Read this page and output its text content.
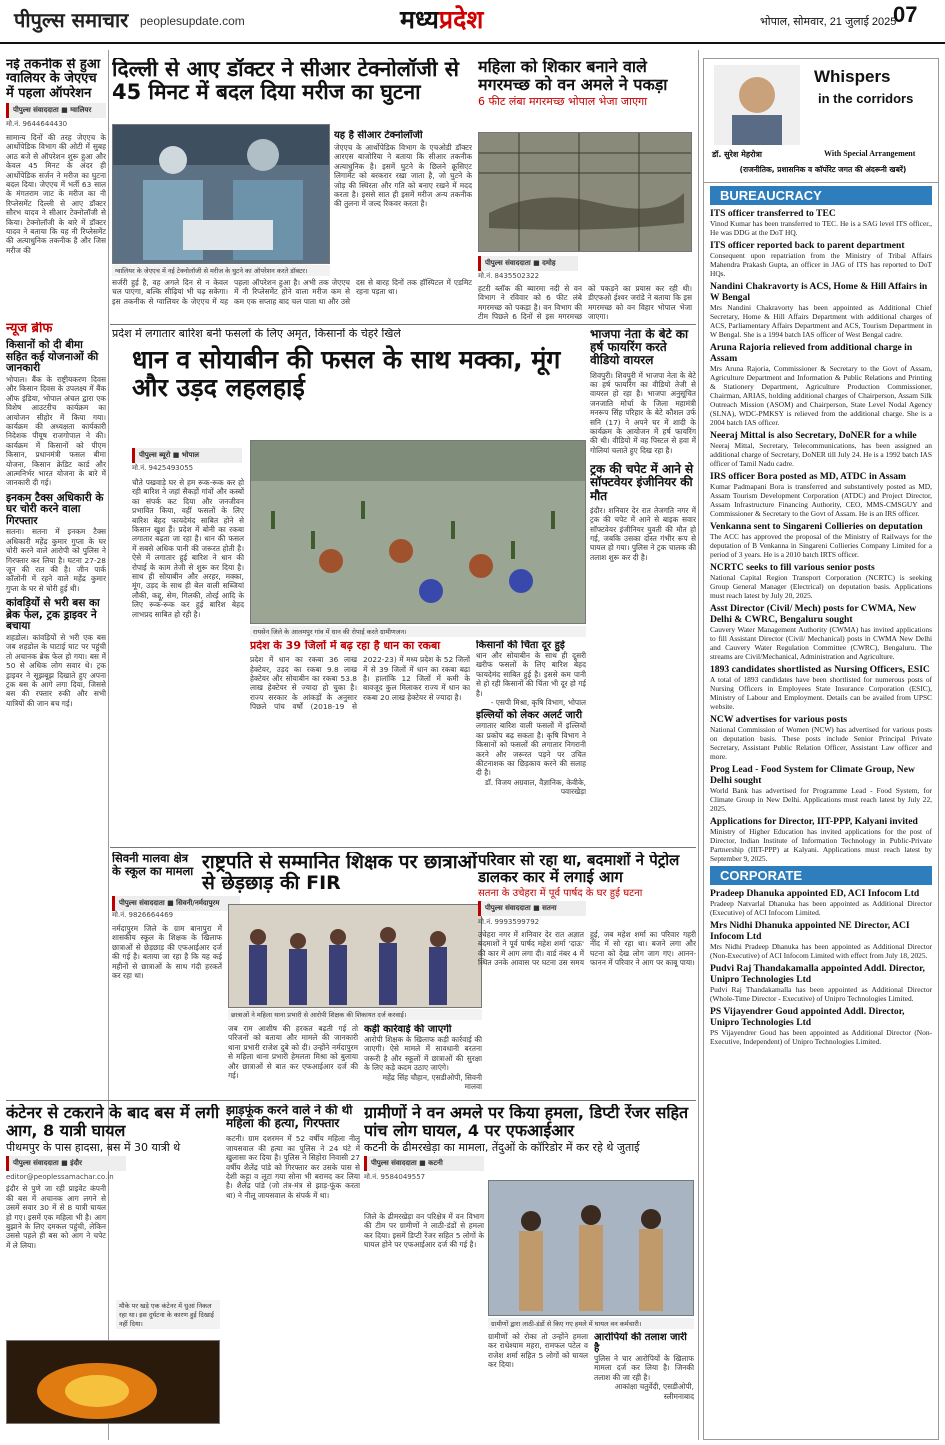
पीपुल्स समाचार peoplesupdate.com	मध्यप्रदेश	भोपाल, सोमवार, 21 जुलाई 2025
07
नई तकनीक से हुआ ग्वालियर के जेएएच में पहला ऑपरेशन
पीपुल्स संवाददाता ■ ग्वालियर
मो.नं. 9644644430
सामान्य दिनों की तरह जेएएच के आर्थोपेडिक विभाग की ओटी में सुबह आठ बजे से ऑपरेशन शुरू हुआ और केवल 45 मिनट के अंदर ही आर्थोपेडिक सर्जन ने मरीज का घुटना बदल दिया। जेएएच में भर्ती 63 साल के मंगतराम जाट के मरीज का नी रिप्लेसमेंट दिल्ली से आए डॉक्टर सौरभ यादव ने सीआर टेक्नोलॉजी से किया। टेक्नोलॉजी के बारे में डॉक्टर यादव ने बताया कि यह नी रिप्लेसमेंट की अत्याधुनिक तकनीक है और जिस मरीज की
दिल्ली से आए डॉक्टर ने सीआर टेक्नोलॉजी से 45 मिनट में बदल दिया मरीज का घुटना
ग्वालियर के जेएएच में नई टेक्नोलॉजी से मरीज के घुटने का ऑपरेशन करते डॉक्टर।
यह है सीआर टेक्नोलॉजी
जेएएच के आर्थोपेडिक विभाग के एचओडी डॉक्टर आरएस बाजोरिया ने बताया कि सीआर तकनीक अत्याधुनिक है। इसमें घुटने के छिलने क्रूसिएट लिगामेंट को बरकरार रखा जाता है, जो घुटने के जोड़ की स्थिरता और गति को बनाए रखने में मदद करता है। इससे सात ही इसमें मरीज अन्य तकनीक की तुलना में जल्द रिकवर करता है।
सर्जरी हुई है, वह अगले दिन से न केवल चल पाएगा, बल्कि सीढ़ियां भी चढ़ सकेगा। इस तकनीक से ग्वालियर के जेएएच में यह पहला ऑपरेशन हुआ है। अभी तक जेएएच में नी रिप्लेसमेंट होने वाला मरीज कम से कम एक सप्ताह बाद चल पाता था और उसे दस से बारह दिनों तक हॉस्पिटल में एडमिट रहना पड़ता था।
महिला को शिकार बनाने वाले मगरमच्छ को वन अमले ने पकड़ा
6 फीट लंबा मगरमच्छ भोपाल भेजा जाएगा
पीपुल्स संवाददाता ■ दमोह
मो.नं. 8435502322
हटरी ब्लॉक की ब्यारमा नदी से वन विभाग ने रविवार को 6 फीट लंबे मगरमच्छ को पकड़ा है। वन विभाग की टीम पिछले 6 दिनों से इस मगरमच्छ को पकड़ने का प्रयास कर रही थी। डीएफओ ईश्वर जरांडे ने बताया कि इस मगरमच्छ को वन विहार भोपाल भेजा जाएगा।
न्यूज ब्रीफ
किसानों को दी बीमा सहित कई योजनाओं की जानकारी
भोपाल। बैंक के राष्ट्रीयकरण दिवस और किसान दिवस के उपलक्ष्य में बैंक ऑफ इंडिया, भोपाल अंचल द्वारा एक विशेष आउटरीच कार्यक्रम का आयोजन सीहोर में किया गया। कार्यक्रम की अध्यक्षता कार्यकारी निदेशक पीयूष राजगोपाल ने की। कार्यक्रम में किसानों को पीएम किसान, प्रधानमंत्री फसल बीमा योजना, किसान क्रेडिट कार्ड और आत्मनिर्भर भारत योजना के बारे में जानकारी दी गई।
इनकम टैक्स अधिकारी के घर चोरी करने वाला गिरफ्तार
सतना। सतना में इनकम टैक्स अधिकारी महेंद्र कुमार गुप्ता के घर चोरी करने वाले आरोपी को पुलिस ने गिरफ्तार कर लिया है। घटना 27-28 जून की रात की है। जीन पार्क कॉलोनी में रहने वाले महेंद्र कुमार गुप्ता के घर से चोरी हुई थी।
कांवड़ियों से भरी बस का ब्रेक फेल, ट्रक ड्राइवर ने बचाया
शहडोल। कांवड़ियों से भरी एक बस जब शहडोल के घाटाई घाट पर पहुंची तो अचानक ब्रेक फेल हो गया। बस में 50 से अधिक लोग सवार थे। ट्रक ड्राइवर ने सूझबूझ दिखाते हुए अपना ट्रक बस के आगे लगा दिया, जिससे बस की रफ्तार रुकी और सभी यात्रियों की जान बच गई।
प्रदेश में लगातार बारिश बनी फसलों के लिए अमृत, किसानों के चेहरे खिले
धान व सोयाबीन की फसल के साथ मक्का, मूंग और उड़द लहलहाई
पीपुल्स ब्यूरो ■ भोपाल
मो.नं. 9425493055
चौते पखवाड़े घर से हम रूक-रूक कर हो रही बारिश ने जहां सैकड़ों गांवों और कस्बों का संपर्क कट दिया और जनजीवन प्रभावित किया, वहीं फसलों के लिए बारिश बेहद फायदेमंद साबित होने से किसान खुश हैं। प्रदेश में बोनी का रकबा लगातार बढ़ता जा रहा है। धान की फसल में सबसे अधिक पानी की जरूरत होती है। ऐसे में लगातार हुई बारिश ने धान की रोपाई के काम तेजी से शुरू कर दिया है। साथ ही सोयाबीन और अरहर, मक्का, मूंग, उड़द के साथ ही बेल वाली सब्जियां लौकी, कद्दू, सेम, गिलकी, तोरई आदि के लिए रूक-रूक कर हुई बारिश बेहद लाभप्रद साबित हो रही है।
रायसेन जिले के आलमपुर गांव में धान की रोपाई करते ग्रामीणजन।
प्रदेश के 39 जिलों में बढ़ रहा है धान का रकबा
प्रदेश में धान का रकबा 36 लाख हेक्टेयर, उड़द का रकबा 9.8 लाख हेक्टेयर और सोयाबीन का रकबा 53.8 लाख हेक्टेयर से ज्यादा हो चुका है। राज्य सरकार के आंकड़ों के अनुसार पिछले पांच वर्षों (2018-19 से 2022-23) में मध्य प्रदेश के 52 जिलों में से 39 जिलों में धान का रकबा बढ़ा है। हालांकि 12 जिलों में कमी के बावजूद कुल मिलाकर राज्य में धान का रकबा 20 लाख हेक्टेयर से ज्यादा है।
किसानों की चिंता दूर हुई
धान और सोयाबीन के साथ ही दूसरी खरीफ फसलों के लिए बारिश बेहद फायदेमंद साबित हुई है। इससे कम पानी से हो रही किसानों की चिंता भी दूर हो गई है।
- एसपी मिश्रा, कृषि विभाग, भोपाल
इल्लियों को लेकर अलर्ट जारी
लगातार बारिश वाली फसलों में इल्लियों का प्रकोप बढ़ सकता है। कृषि विभाग ने किसानों को फसलों की लगातार निगरानी करने और जरूरत पड़ने पर उचित कीटनाशक का छिड़काव करने की सलाह दी है।
डॉ. विजय अग्रवाल, वैज्ञानिक, केवीके, पवारखेड़ा
भाजपा नेता के बेटे का हर्ष फायरिंग करते वीडियो वायरल
शिवपुरी। शिवपुरी में भाजपा नेता के बेटे का हर्ष फायरिंग का वीडियो तेजी से वायरल हो रहा है। भाजपा अनुसूचित जनजाति मोर्चा के जिला महामंत्री मनरूप सिंह परिहार के बेटे कौशल उर्फ सनि (17) ने अपने घर में शादी के कार्यक्रम के आयोजन में हर्ष फायरिंग की थी। वीडियो में वह पिस्टल से हवा में गोलियां चलाते हुए दिख रहा है।
ट्रक की चपेट में आने से सॉफ्टवेयर इंजीनियर की मौत
इंदौर। शनिवार देर रात तेजगति नगर में ट्रक की चपेट में आने से बाइक सवार सॉफ्टवेयर इंजीनियर युवती की मौत हो गई, जबकि उसका दोस्त गंभीर रूप से घायल हो गया। पुलिस ने ट्रक चालक की तलाश शुरू कर दी है।
सिवनी मालवा क्षेत्र के स्कूल का मामला राष्ट्रपति से सम्मानित शिक्षक पर छात्राओं से छेड़छाड़ की FIR
पीपुल्स संवाददाता ■ सिवनी/नर्मदापुरम
मो.नं. 9826664469
नर्मदापुरम जिले के ग्राम बानापुरा में शासकीय स्कूल के शिक्षक के खिलाफ छात्राओं से छेड़छाड़ की एफआईआर दर्ज की गई है। बताया जा रहा है कि यह कई महीनों से छात्राओं के साथ गंदी हरकतें कर रहा था।
छात्राओं ने महिला थाना प्रभारी से आरोपी शिक्षक की शिकायत दर्ज करवाई।
जब राम आशीष की हरकत बढ़ती गई तो परिजनों को बताया और मामले की जानकारी थाना प्रभारी राजेश दुबे को दी। उन्होंने नर्मदापुरम से महिला थाना प्रभारी हेमलता मिश्रा को बुलाया और छात्राओं से बात कर एफआईआर दर्ज की गई।
कड़ी कार्रवाई की जाएगी
आरोपी शिक्षक के खिलाफ कड़ी कार्रवाई की जाएगी। ऐसे मामले में सावधानी बरतना जरूरी है और स्कूलों में छात्राओं की सुरक्षा के लिए कड़े कदम उठाए जाएंगे।
महेंद्र सिंह चौहान, एसडीओपी, सिवनी मालवा
परिवार सो रहा था, बदमाशों ने पेट्रोल डालकर कार में लगाई आग
सतना के उचेहरा में पूर्व पार्षद के घर हुई घटना
पीपुल्स संवाददाता ■ सतना
मो.नं. 9993599792
उचेहरा नगर में शनिवार देर रात अज्ञात बदमाशों ने पूर्व पार्षद महेश शर्मा 'दाऊ' की कार में आग लगा दी। वार्ड नंबर 4 में स्थित उनके आवास पर घटना उस समय हुई, जब महेश शर्मा का परिवार गहरी नींद में सो रहा था। बजने लगा और घटना को देख लोग जाग गए। आनन-फानन में परिवार ने आग पर काबू पाया।
कंटेनर से टकराने के बाद बस में लगी आग, 8 यात्री घायल
पीथमपुर के पास हादसा, बस में 30 यात्री थे
पीपुल्स संवाददाता ■ इंदौर
editor@peoplessamachar.co.in
इंदौर से पुणे जा रही प्राइवेट कंपनी की बस में अचानक आग लगने से उसमें सवार 30 में से 8 यात्री घायल हो गए। इसमें एक महिला भी है। आग बुझाने के लिए दमकल पहुंची, लेकिन उससे पहले ही बस को आग ने चपेट में ले लिया।
मौके पर खड़े एक कंटेनर में धुआं निकल रहा था। इस दुर्घटना के कारण हुई दिखाई नहीं दिया।
झाड़फूंक करने वाले ने की थी महिला की हत्या, गिरफ्तार
कटनी। ग्राम दशरमन में 52 वर्षीय महिला नीलू जायसवाल की हत्या का पुलिस ने 24 घंटे में खुलासा कर दिया है। पुलिस ने सिहोरा निवासी 27 वर्षीय शैलेंद्र पांडे को गिरफ्तार कर उसके पास से देशी कट्टा व लूटा गया सोना भी बरामद कर लिया है। शैलेंद्र पांडे (जो तंत्र-मंत्र से झाड़-फूंक करता था) ने नीलू जायसवाल के संपर्क में था।
ग्रामीणों ने वन अमले पर किया हमला, डिप्टी रेंजर सहित पांच लोग घायल, 4 पर एफआईआर
कटनी के ढीमरखेड़ा का मामला, तेंदुओं के कॉरिडोर में कर रहे थे जुताई
पीपुल्स संवाददाता ■ कटनी
मो.नं. 9584049557
जिले के ढीमरखेड़ा वन परिक्षेत्र में वन विभाग की टीम पर ग्रामीणों ने लाठी-डंडों से हमला कर दिया। इसमें डिप्टी रेंजर सहित 5 लोगों के घायल होने पर एफआईआर दर्ज की गई है।
ग्रामीणों द्वारा लाठी-डंडों से किए गए हमले में घायल वन कर्मचारी।
ग्रामीणों को रोका तो उन्होंने हमला कर राधेश्याम महरा, रामफल पटेल व राजेश शर्मा सहित 5 लोगों को घायल कर दिया।
आरोपियों की तलाश जारी है
पुलिस ने चार आरोपियों के खिलाफ मामला दर्ज कर लिया है। जिनकी तलाश की जा रही है।
आकांक्षा चतुर्वेदी, एसडीओपी, स्लीमनाबाद
Whispers
in the corridors
डॉ. सुरेश मेहरोत्रा	With Special Arrangement
(राजनीतिक, प्रशासनिक व कॉर्पोरेट जगत की अंदरूनी खबरें)
BUREAUCRACY
ITS officer transferred to TEC
Vinod Kumar has been transferred to TEC. He is a SAG level ITS officer., He was DDG at the DoT HQ.
ITS officer reported back to parent department
Consequent upon repatriation from the Ministry of Tribal Affairs Mahendra Prakash Gupta, an officer in JAG of ITS has reported to DoT HQs.
Nandini Chakravorty is ACS, Home & Hill Affairs in W Bengal
Mrs Nandini Chakravorty has been appointed as Additional Chief Secretary, Home & Hill Affairs Department with additional charges of ACS, Parliamentary Affairs Department and ACS, Tourism Department in W Bengal. She is a 1994 batch IAS officer of West Bengal cadre.
Aruna Rajoria relieved from additional charge in Assam
Mrs Aruna Rajoria, Commissioner & Secretary to the Govt of Assam, Agriculture Department and Information & Public Relations and Printing & Stationery Department, Agriculture Production Commissioner, Chairman, ARIAS, holding additional charges of Chairperson, Assam Silk Outreach Mission (ASOM) and Chairperson, State Level Nodal Agency (SLNA), WDC-PMKSY is relieved from the additional charge. She is a 2004 batch IAS officer.
Neeraj Mittal is also Secretary, DoNER for a while
Neeraj Mittal, Secretary, Telecommunications, has been assigned an additional charge of Secretary, DoNER till July 24. He is a 1992 batch IAS officer of Tamil Nadu cadre.
IRS officer Bora posted as MD, ATDC in Assam
Kumar Padmapani Bora is transferred and substantively posted as MD, Assam Tourism Development Corporation (ATDC) and Project Director, Assam Infrastructure Financing Authority, CEO, MMS-CMSGUY and Commissioner & Secretary to the Govt of Assam. He is an IRS officer.
Venkanna sent to Singareni Collieries on deputation
The ACC has approved the proposal of the Ministry of Railways for the deputation of B Venkanna in Singareni Collieries Company Limited for a period of 3 years. He is a 2010 batch IRTS officer.
NCRTC seeks to fill various senior posts
National Capital Region Transport Corporation (NCRTC) is seeking Group General Manager (Electrical) on deputation basis. Applications must reach latest by July 20, 2025.
Asst Director (Civil/ Mech) posts for CWMA, New Delhi & CWRC, Bengaluru sought
Cauvery Water Management Authority (CWMA) has invited applications to fill Assistant Director (Civil/ Mechanical) posts in CWMA New Delhi and Cauvery Water Regulation Committee (CWRC), Bengaluru. The streams are Civil/Mechanical, Administration and Agriculture.
1893 candidates shortlisted as Nursing Officers, ESIC
A total of 1893 candidates have been shortlisted for numerous posts of Nursing Officers in Employees State Insurance Corporation (ESIC), Ministry of Labour and Employment. Details can be availed from UPSC website.
NCW advertises for various posts
National Commission of Women (NCW) has advertised for various posts on deputation basis. These posts include Senior Principal Private Secretary, Assistant Public Relation Officer, Assistant Law officer and more.
Prog Lead - Food System for Climate Group, New Delhi sought
World Bank has advertised for Programme Lead - Food System, for Climate Group in New Delhi. Applications must reach latest by July 22, 2025.
Applications for Director, IIT-PPP, Kalyani invited
Ministry of Higher Education has invited applications for the post of Director, Indian Institute of Information Technology in Public-Private Partnership (IIIT-PPP) at Kalyani. Applications must reach latest by September 9, 2025.
CORPORATE
Pradeep Dhanuka appointed ED, ACI Infocom Ltd
Pradeep Natvarlal Dhanuka has been appointed as Additional Director (Executive) of ACI Infocom Limited.
Mrs Nidhi Dhanuka appointed NE Director, ACI Infocom Ltd
Mrs Nidhi Pradeep Dhanuka has been appointed as Additional Director (Non-Executive) of ACI Infocom Limited with effect from July 18, 2025.
Pudvi Raj Thandakamalla appointed Addl. Director, Unipro Technologies Ltd
Pudvi Raj Thandakamalla has been appointed as Additional Director (Whole-Time Director - Executive) of Unipro Technologies Limited.
PS Vijayendrer Goud appointed Addl. Director, Unipro Technologies Ltd
PS Vijayendrer Goud has been appointed as Additional Director (Non-Executive, Independent) of Unipro Technologies Limited.
